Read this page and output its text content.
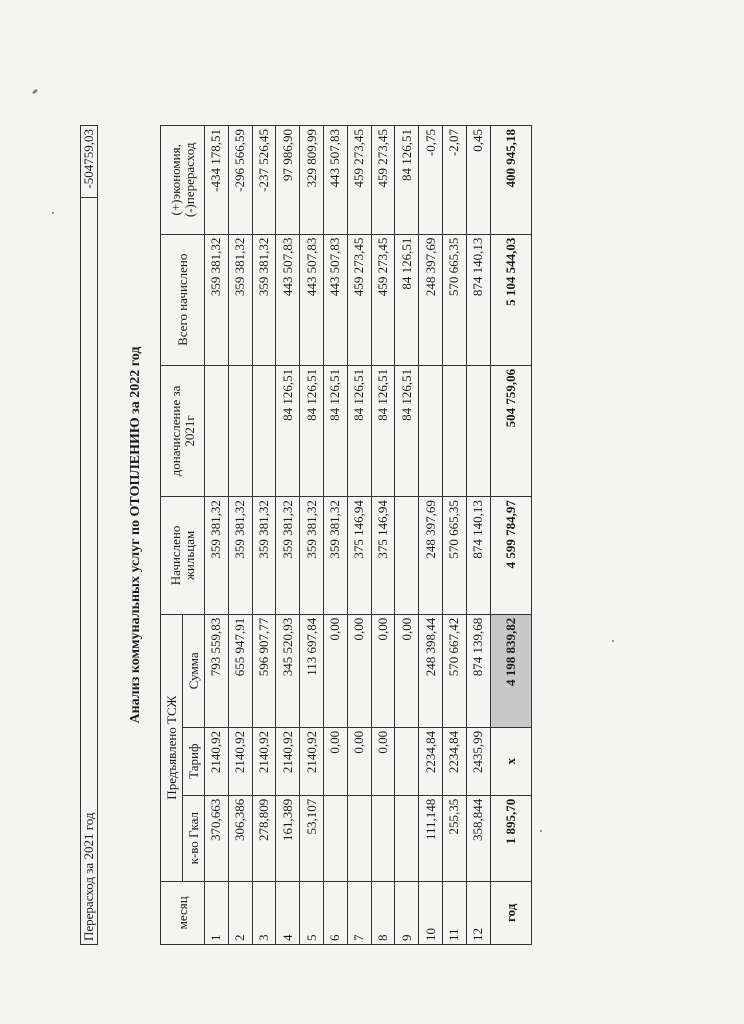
Перерасход за 2021 год
-504759,03
Анализ коммунальных услуг по ОТОПЛЕНИЮ за 2022 год
месяц	Предъявлено ТСЖ			Начислено жильцам	доначисление за 2021г	Всего начислено	(+)экономия, (-)перерасход
	к-во Гкал	Тариф	Сумма				
1	370,663	2140,92	793 559,83	359 381,32		359 381,32	-434 178,51
2	306,386	2140,92	655 947,91	359 381,32		359 381,32	-296 566,59
3	278,809	2140,92	596 907,77	359 381,32		359 381,32	-237 526,45
4	161,389	2140,92	345 520,93	359 381,32	84 126,51	443 507,83	97 986,90
5	53,107	2140,92	113 697,84	359 381,32	84 126,51	443 507,83	329 809,99
6		0,00	0,00	359 381,32	84 126,51	443 507,83	443 507,83
7		0,00	0,00	375 146,94	84 126,51	459 273,45	459 273,45
8		0,00	0,00	375 146,94	84 126,51	459 273,45	459 273,45
9			0,00		84 126,51	84 126,51	84 126,51
10	111,148	2234,84	248 398,44	248 397,69		248 397,69	-0,75
11	255,35	2234,84	570 667,42	570 665,35		570 665,35	-2,07
12	358,844	2435,99	874 139,68	874 140,13		874 140,13	0,45
год	1 895,70	x	4 198 839,82	4 599 784,97	504 759,06	5 104 544,03	400 945,18
